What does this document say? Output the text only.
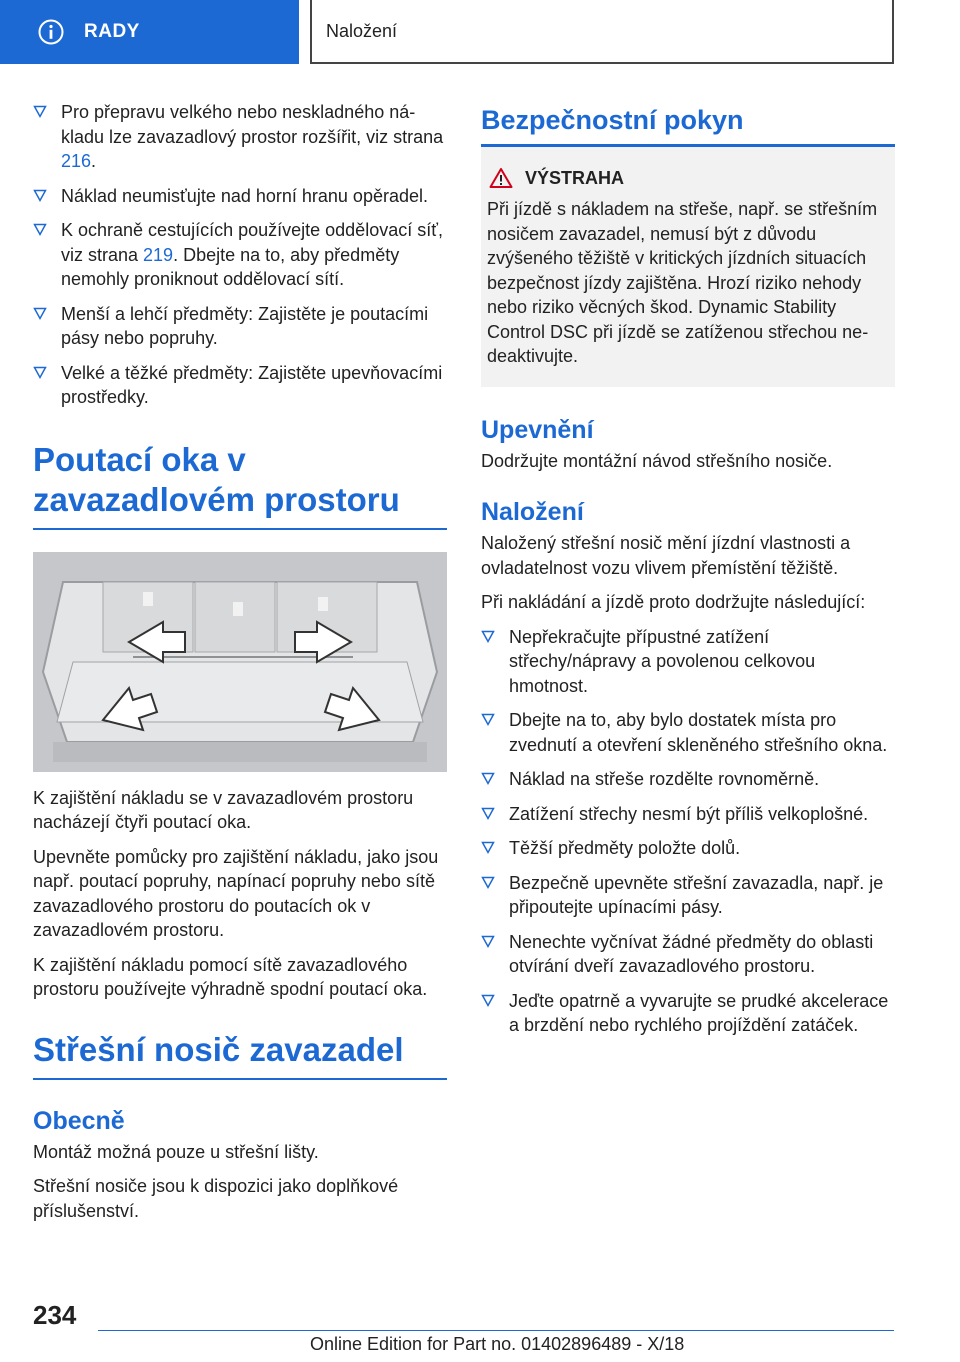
RADY	Naložení
Pro přepravu velkého nebo neskladného nákladu lze zavazadlový prostor rozšířit, viz strana 216.
Náklad neumisťujte nad horní hranu opěradel.
K ochraně cestujících používejte oddělovací síť, viz strana 219. Dbejte na to, aby předměty nemohly proniknout oddělovací sítí.
Menší a lehčí předměty: Zajistěte je poutacími pásy nebo popruhy.
Velké a těžké předměty: Zajistěte upevňovacími prostředky.
Poutací oka v zavazadlovém prostoru

K zajištění nákladu se v zavazadlovém prostoru nacházejí čtyři poutací oka.

Upevněte pomůcky pro zajištění nákladu, jako jsou např. poutací popruhy, napínací popruhy nebo sítě zavazadlového prostoru do poutacích ok v zavazadlovém prostoru.

K zajištění nákladu pomocí sítě zavazadlového prostoru používejte výhradně spodní poutací oka.

Střešní nosič zavazadel
Obecně

Montáž možná pouze u střešní lišty.

Střešní nosiče jsou k dispozici jako doplňkové příslušenství.

Bezpečnostní pokyn
VÝSTRAHA

Při jízdě s nákladem na střeše, např. se střešním nosičem zavazadel, nemusí být z důvodu zvýšeného těžiště v kritických jízdních situacích bezpečnost jízdy zajištěna. Hrozí riziko nehody nebo riziko věcných škod. Dynamic Stability Control DSC při jízdě se zatíženou střechou nedeaktivujte.

Upevnění

Dodržujte montážní návod střešního nosiče.

Naložení

Naložený střešní nosič mění jízdní vlastnosti a ovladatelnost vozu vlivem přemístění těžiště.

Při nakládání a jízdě proto dodržujte následující:

Nepřekračujte přípustné zatížení střechy/nápravy a povolenou celkovou hmotnost.
Dbejte na to, aby bylo dostatek místa pro zvednutí a otevření skleněného střešního okna.
Náklad na střeše rozdělte rovnoměrně.
Zatížení střechy nesmí být příliš velkoplošné.
Těžší předměty položte dolů.
Bezpečně upevněte střešní zavazadla, např. je připoutejte upínacími pásy.
Nenechte vyčnívat žádné předměty do oblasti otvírání dveří zavazadlového prostoru.
Jeďte opatrně a vyvarujte se prudké akcelerace a brzdění nebo rychlého projíždění zatáček.
234
Online Edition for Part no. 01402896489 - X/18
